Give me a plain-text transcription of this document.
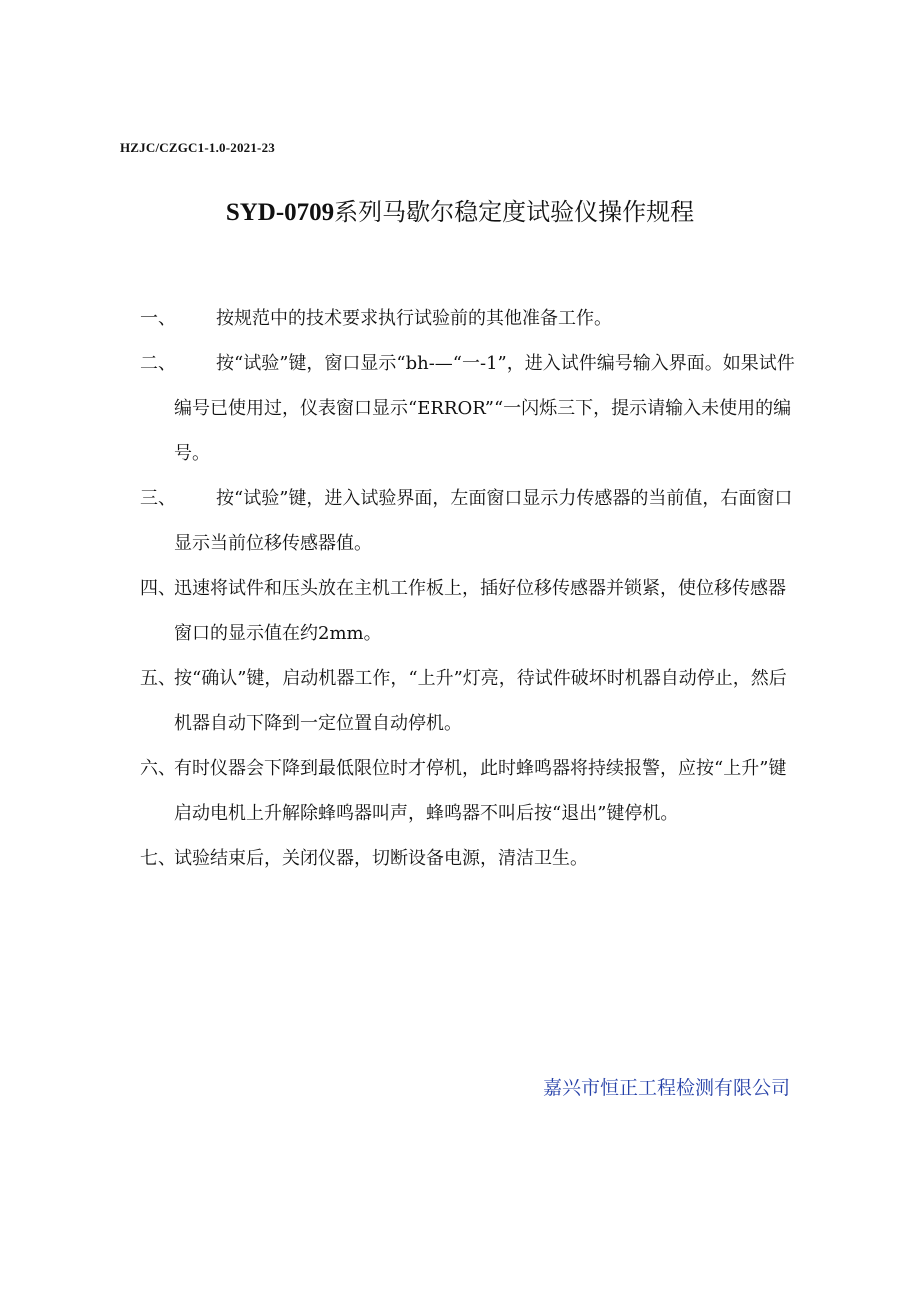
HZJC/CZGC1-1.0-2021-23
SYD-0709系列马歇尔稳定度试验仪操作规程
一、	按规范中的技术要求执行试验前的其他准备工作。
二、	按“试验”键，窗口显示“bh-—“一-1”，进入试件编号输入界面。如果试件编号已使用过，仪表窗口显示“ERROR”“一闪烁三下，提示请输入未使用的编号。
三、	按“试验”键，进入试验界面，左面窗口显示力传感器的当前值，右面窗口显示当前位移传感器值。
四、
迅速将试件和压头放在主机工作板上，插好位移传感器并锁紧，使位移传感器窗口的显示值在约2mm。
五、
按“确认”键，启动机器工作，“上升”灯亮，待试件破坏时机器自动停止，然后机器自动下降到一定位置自动停机。
六、
有时仪器会下降到最低限位时才停机，此时蜂鸣器将持续报警，应按“上升”键启动电机上升解除蜂鸣器叫声，蜂鸣器不叫后按“退出”键停机。
七、
试验结束后，关闭仪器，切断设备电源，清洁卫生。
嘉兴市恒正工程检测有限公司
